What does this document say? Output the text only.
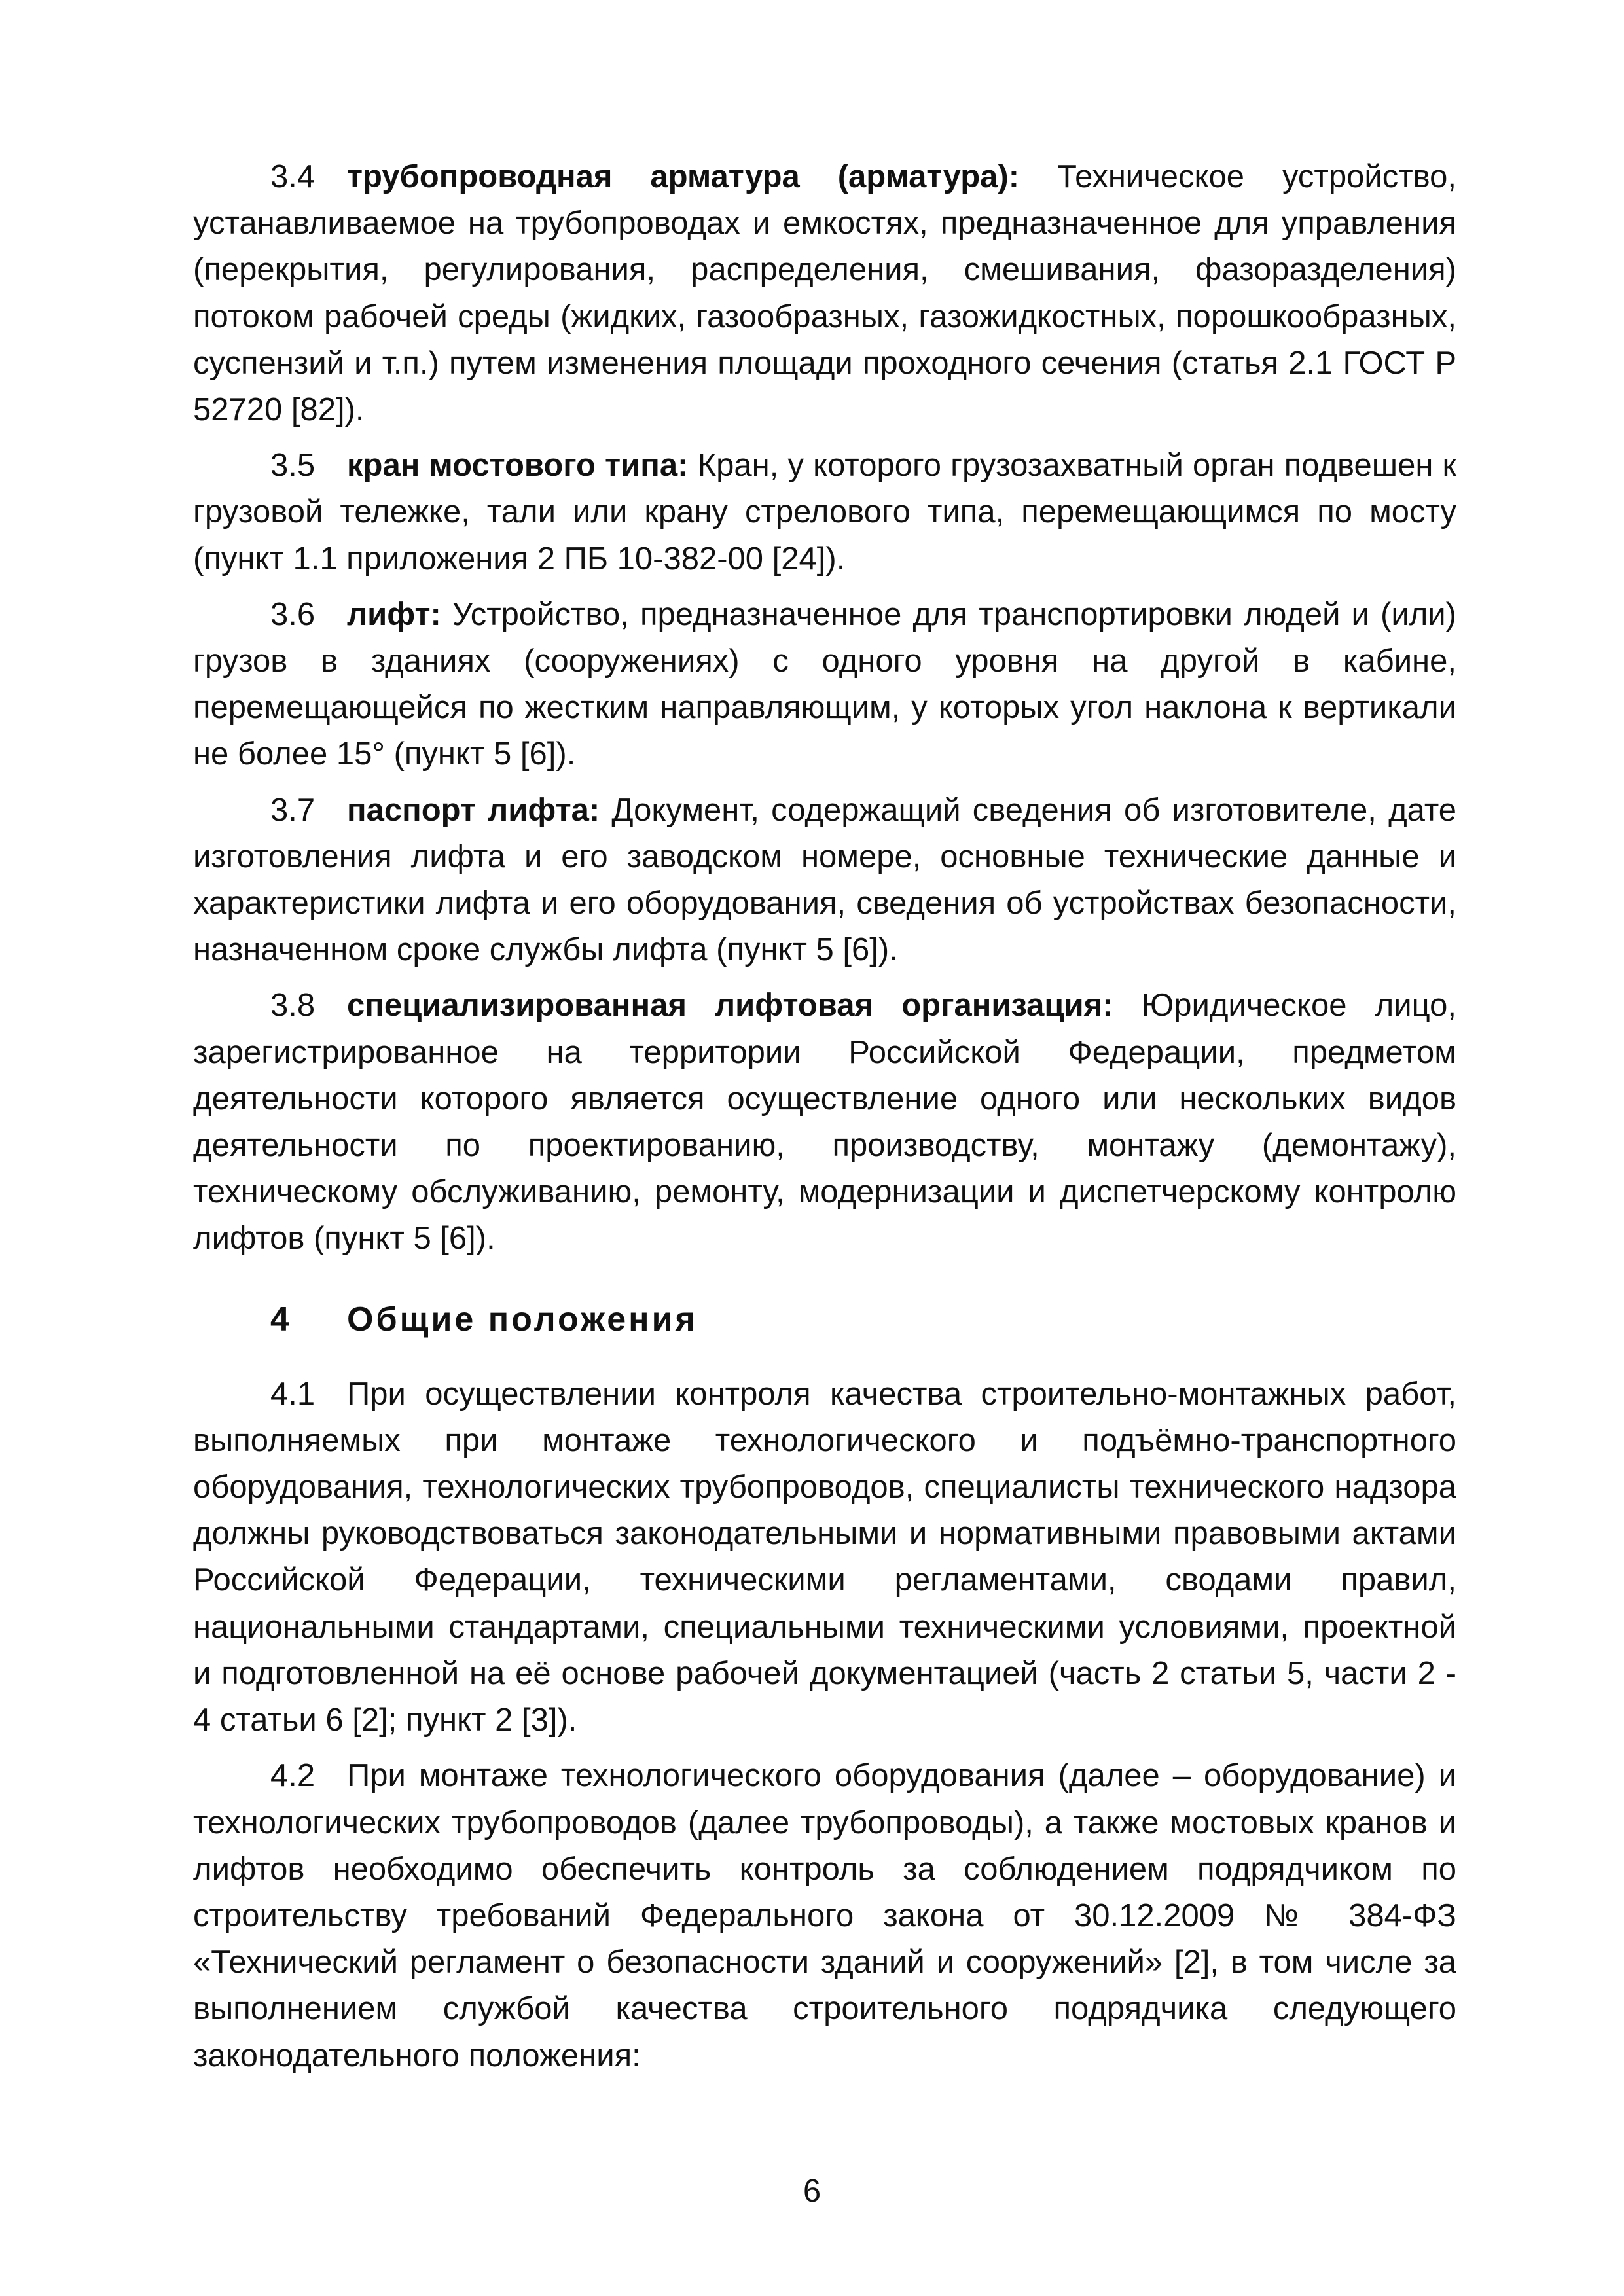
3.4 трубопроводная арматура (арматура): Техническое устройство, устанавливаемое на трубопроводах и емкостях, предназначенное для управления (перекрытия, регулирования, распределения, смешивания, фазоразделения) потоком рабочей среды (жидких, газообразных, газожидкостных, порошкообразных, суспензий и т.п.) путем изменения площади проходного сечения (статья 2.1 ГОСТ Р 52720 [82]).

3.5 кран мостового типа: Кран, у которого грузозахватный орган подвешен к грузовой тележке, тали или крану стрелового типа, перемещающимся по мосту (пункт 1.1 приложения 2 ПБ 10-382-00 [24]).

3.6 лифт: Устройство, предназначенное для транспортировки людей и (или) грузов в зданиях (сооружениях) с одного уровня на другой в кабине, перемещающейся по жестким направляющим, у которых угол наклона к вертикали не более 15° (пункт 5 [6]).

3.7 паспорт лифта: Документ, содержащий сведения об изготовителе, дате изготовления лифта и его заводском номере, основные технические данные и характеристики лифта и его оборудования, сведения об устройствах безопасности, назначенном сроке службы лифта (пункт 5 [6]).

3.8 специализированная лифтовая организация: Юридическое лицо, зарегистрированное на территории Российской Федерации, предметом деятельности которого является осуществление одного или нескольких видов деятельности по проектированию, производству, монтажу (демонтажу), техническому обслуживанию, ремонту, модернизации и диспетчерскому контролю лифтов (пункт 5 [6]).

4 Общие положения

4.1 При осуществлении контроля качества строительно-монтажных работ, выполняемых при монтаже технологического и подъёмно-транспортного оборудования, технологических трубопроводов, специалисты технического надзора должны руководствоваться законодательными и нормативными правовыми актами Российской Федерации, техническими регламентами, сводами правил, национальными стандартами, специальными техническими условиями, проектной и подготовленной на её основе рабочей документацией (часть 2 статьи 5, части 2 - 4 статьи 6 [2]; пункт 2 [3]).

4.2 При монтаже технологического оборудования (далее – оборудование) и технологических трубопроводов (далее трубопроводы), а также мостовых кранов и лифтов необходимо обеспечить контроль за соблюдением подрядчиком по строительству требований Федерального закона от 30.12.2009 № 384-ФЗ «Технический регламент о безопасности зданий и сооружений» [2], в том числе за выполнением службой качества строительного подрядчика следующего законодательного положения:

6
